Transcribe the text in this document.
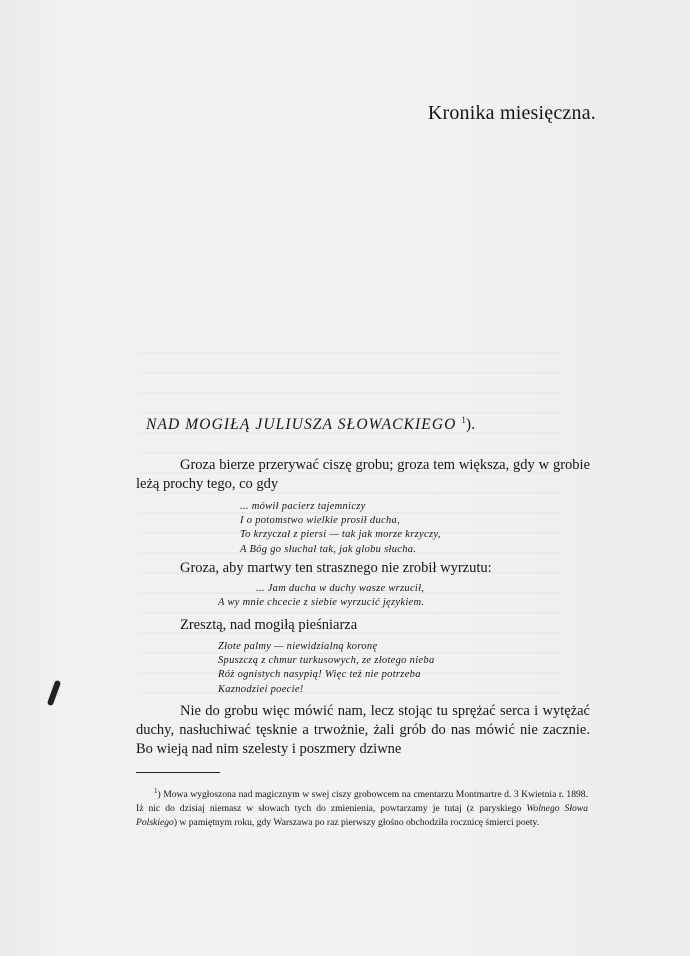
Kronika miesięczna.
NAD MOGIŁĄ JULIUSZA SŁOWACKIEGO $^1$).

Groza bierze przerywać ciszę grobu; groza tem większa, gdy w grobie leżą prochy tego, co gdy

... mówił pacierz tajemniczy
I o potomstwo wielkie prosił ducha,
To krzyczał z piersi — tak jak morze krzyczy,
A Bóg go słuchał tak, jak globu słucha.

Groza, aby martwy ten strasznego nie zrobił wyrzutu:

... Jam ducha w duchy wasze wrzucił,
A wy mnie chcecie z siebie wyrzucić językiem.

Zresztą, nad mogiłą pieśniarza

Złote palmy — niewidzialną koronę
Spuszczą z chmur turkusowych, ze złotego nieba
Róż ognistych nasypią! Więc też nie potrzeba
Kaznodziei poecie!

Nie do grobu więc mówić nam, lecz stojąc tu sprężać serca i wytężać duchy, nasłuchiwać tęsknie a trwożnie, żali grób do nas mówić nie zacznie. Bo wieją nad nim szelesty i poszmery dziwne

$^1$) Mowa wygłoszona nad magicznym w swej ciszy grobowcem na cmentarzu Montmartre d. 3 Kwietnia r. 1898. Iż nic do dzisiaj niemasz w słowach tych do zmienienia, powtarzamy je tutaj (z paryskiego Wolnego Słowa Polskiego) w pamiętnym roku, gdy Warszawa po raz pierwszy głośno obchodziła rocznicę śmierci poety.
